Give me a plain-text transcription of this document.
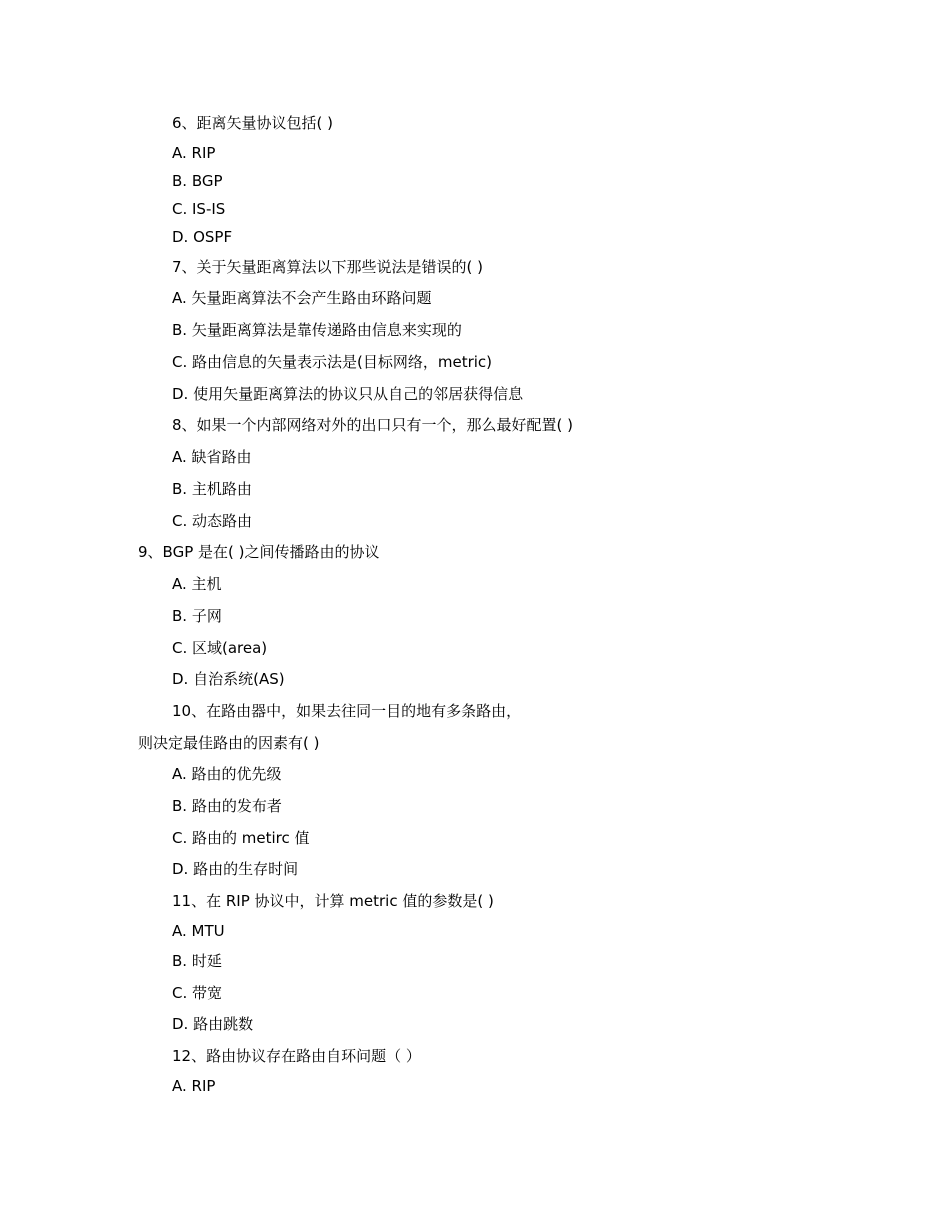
6、距离矢量协议包括( )
A. RIP
B. BGP
C. IS-IS
D. OSPF
7、关于矢量距离算法以下那些说法是错误的( )
A. 矢量距离算法不会产生路由环路问题
B. 矢量距离算法是靠传递路由信息来实现的
C. 路由信息的矢量表示法是(目标网络，metric)
D. 使用矢量距离算法的协议只从自己的邻居获得信息
8、如果一个内部网络对外的出口只有一个，那么最好配置( )
A. 缺省路由
B. 主机路由
C. 动态路由
9、BGP 是在( )之间传播路由的协议
A. 主机
B. 子网
C. 区域(area)
D. 自治系统(AS)
10、在路由器中，如果去往同一目的地有多条路由，
则决定最佳路由的因素有( )
A. 路由的优先级
B. 路由的发布者
C. 路由的 metirc 值
D. 路由的生存时间
11、在 RIP 协议中，计算 metric 值的参数是( )
A. MTU
B. 时延
C. 带宽
D. 路由跳数
12、路由协议存在路由自环问题（ ）
A. RIP
